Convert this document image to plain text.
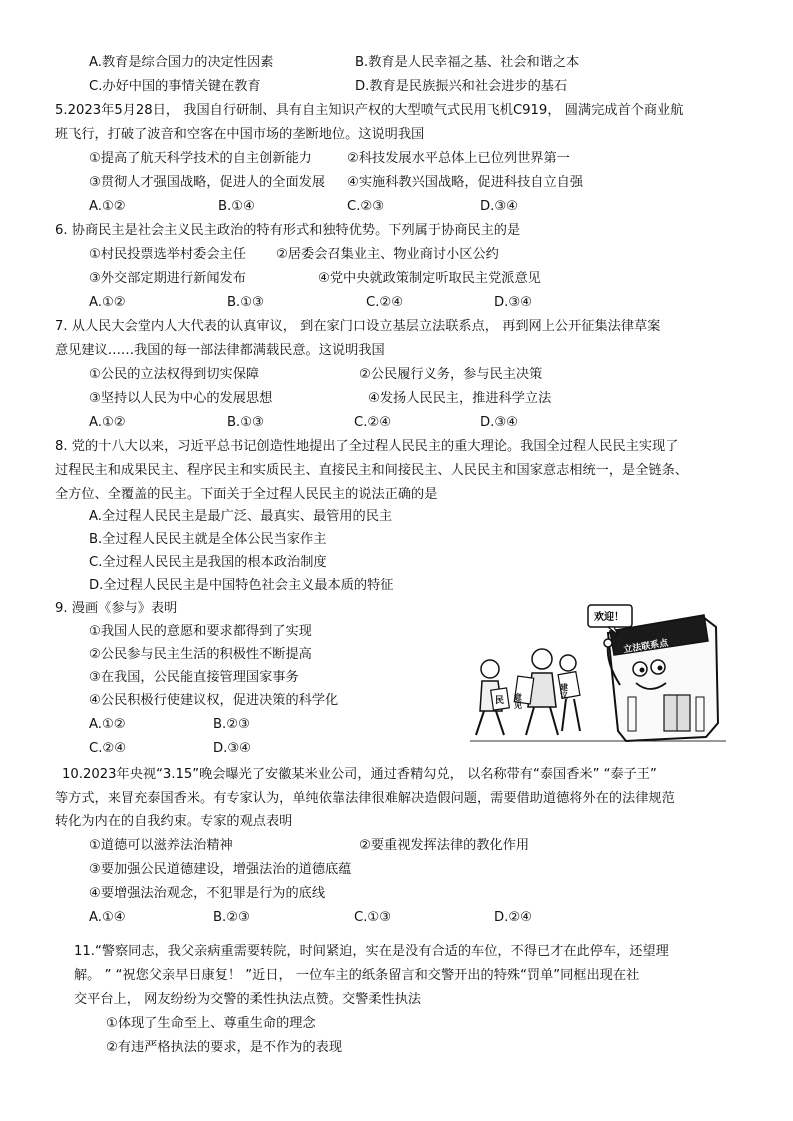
A.教育是综合国力的决定性因素	B.教育是人民幸福之基、社会和谐之本
C.办好中国的事情关键在教育	D.教育是民族振兴和社会进步的基石
5.2023年5月28日， 我国自行研制、具有自主知识产权的大型喷气式民用飞机C919， 圆满完成首个商业航
班飞行，打破了波音和空客在中国市场的垄断地位。这说明我国
①提高了航天科学技术的自主创新能力	②科技发展水平总体上已位列世界第一
③贯彻人才强国战略，促进人的全面发展 ④实施科教兴国战略，促进科技自立自强
A.①②	B.①④	C.②③	D.③④
6. 协商民主是社会主义民主政治的特有形式和独特优势。下列属于协商民主的是
①村民投票选举村委会主任 ②居委会召集业主、物业商讨小区公约
③外交部定期进行新闻发布	④党中央就政策制定听取民主党派意见
A.①②	B.①③	C.②④	D.③④
7. 从人民大会堂内人大代表的认真审议， 到在家门口设立基层立法联系点， 再到网上公开征集法律草案
意见建议……我国的每一部法律都满载民意。这说明我国
①公民的立法权得到切实保障	②公民履行义务，参与民主决策
③坚持以人民为中心的发展思想	④发扬人民民主，推进科学立法
A.①②	B.①③	C.②④	D.③④
8. 党的十八大以来，习近平总书记创造性地提出了全过程人民民主的重大理论。我国全过程人民民主实现了
过程民主和成果民主、程序民主和实质民主、直接民主和间接民主、人民民主和国家意志相统一，是全链条、
全方位、全覆盖的民主。下面关于全过程人民民主的说法正确的是
A.全过程人民民主是最广泛、最真实、最管用的民主
B.全过程人民民主就是全体公民当家作主
C.全过程人民民主是我国的根本政治制度
D.全过程人民民主是中国特色社会主义最本质的特征
9. 漫画《参与》表明
①我国人民的意愿和要求都得到了实现
②公民参与民主生活的积极性不断提高
③在我国，公民能直接管理国家事务
④公民积极行使建议权，促进决策的科学化
A.①②	B.②③
C.②④	D.③④
立法联系点
欢迎！
民 意见
建议
10.2023年央视“3.15”晚会曝光了安徽某米业公司，通过香精勾兑， 以名称带有“泰国香米” “泰子王”
等方式，来冒充泰国香米。有专家认为，单纯依靠法律很难解决造假问题，需要借助道德将外在的法律规范
转化为内在的自我约束。专家的观点表明
①道德可以滋养法治精神	②要重视发挥法律的教化作用
③要加强公民道德建设，增强法治的道德底蕴
④要增强法治观念，不犯罪是行为的底线
A.①④	B.②③	C.①③	D.②④
11.“警察同志，我父亲病重需要转院，时间紧迫，实在是没有合适的车位，不得已才在此停车，还望理
解。 ” “祝您父亲早日康复！ ”近日， 一位车主的纸条留言和交警开出的特殊“罚单”同框出现在社
交平台上， 网友纷纷为交警的柔性执法点赞。交警柔性执法
①体现了生命至上、尊重生命的理念
②有违严格执法的要求，是不作为的表现
